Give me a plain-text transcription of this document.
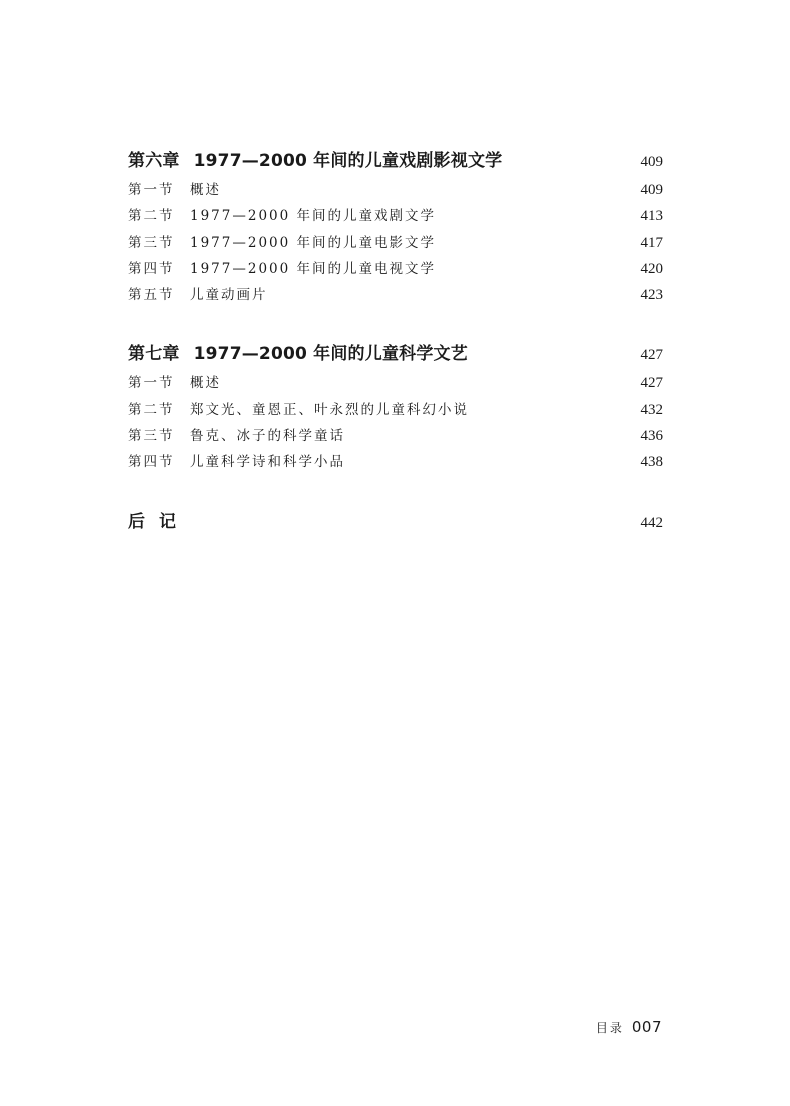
第六章 1977—2000 年间的儿童戏剧影视文学	409
第一节	概述	409
第二节	1977—2000 年间的儿童戏剧文学	413
第三节	1977—2000 年间的儿童电影文学	417
第四节	1977—2000 年间的儿童电视文学	420
第五节	儿童动画片	423
第七章 1977—2000 年间的儿童科学文艺	427
第一节	概述	427
第二节	郑文光、童恩正、叶永烈的儿童科幻小说	432
第三节	鲁克、冰子的科学童话	436
第四节	儿童科学诗和科学小品	438
后记	442
目录 007
